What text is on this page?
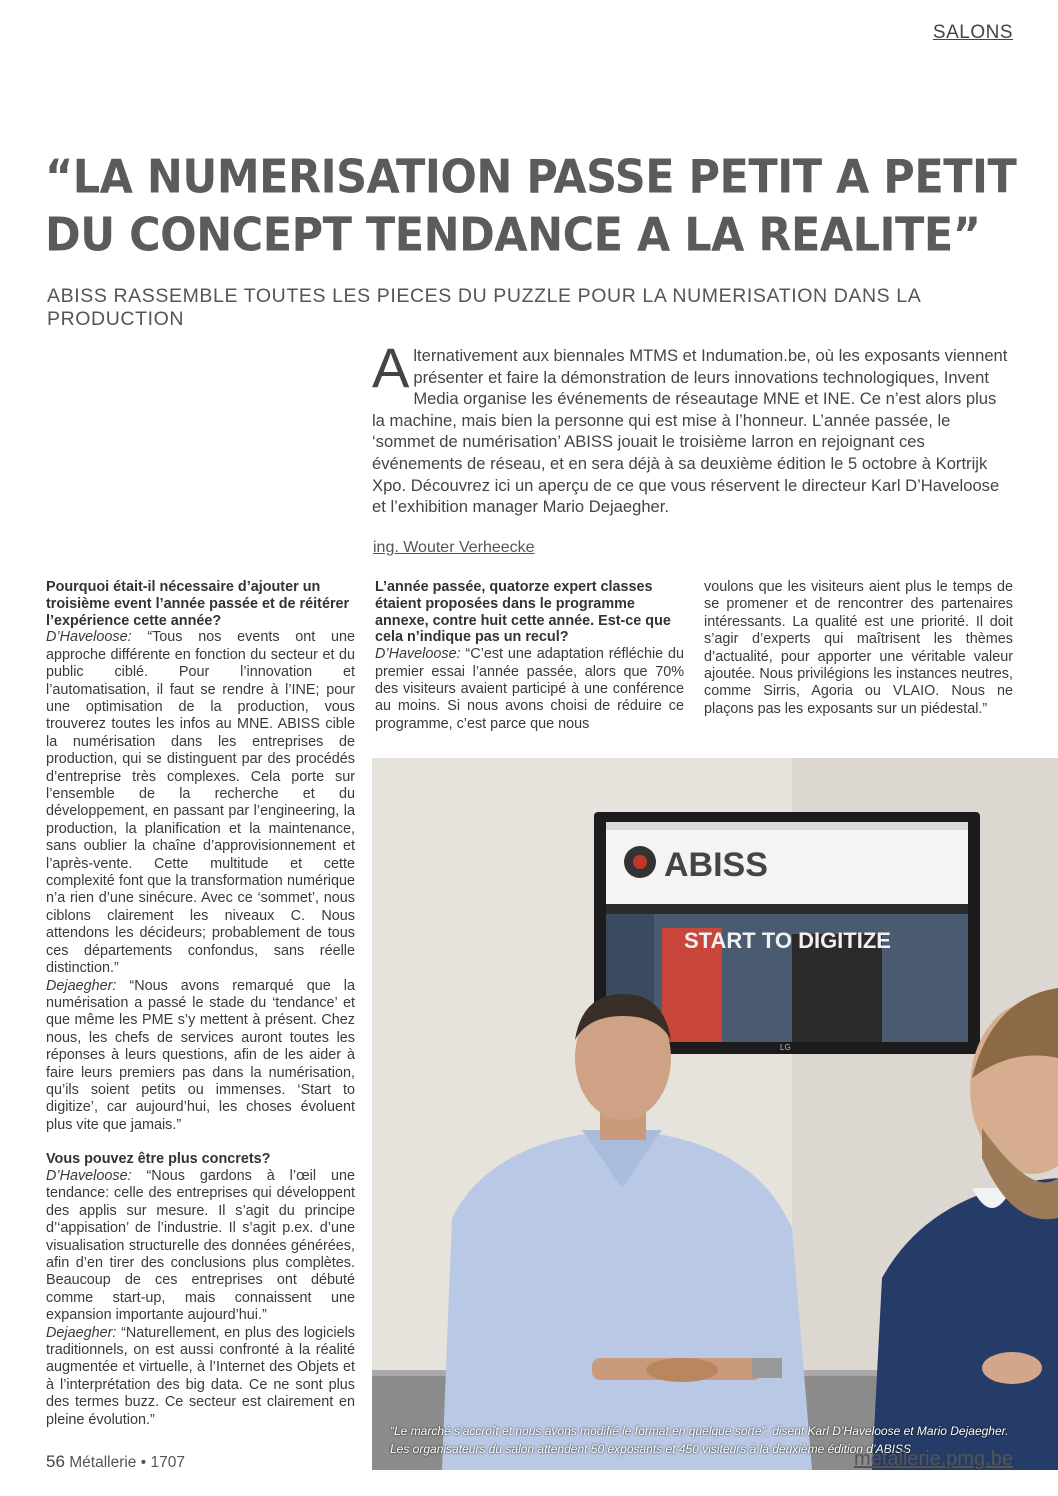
SALONS
“LA NUMERISATION PASSE PETIT A PETIT
DU CONCEPT TENDANCE A LA REALITE”
ABISS RASSEMBLE TOUTES LES PIECES DU PUZZLE POUR LA NUMERISATION DANS LA PRODUCTION
Alternativement aux biennales MTMS et Indumation.be, où les exposants viennent présenter et faire la démonstration de leurs innovations technologiques, Invent Media organise les événements de réseautage MNE et INE. Ce n’est alors plus la machine, mais bien la personne qui est mise à l’honneur. L’année passée, le ‘sommet de numérisation’ ABISS jouait le troisième larron en rejoignant ces événements de réseau, et en sera déjà à sa deuxième édition le 5 octobre à Kortrijk Xpo. Découvrez ici un aperçu de ce que vous réservent le directeur Karl D’Haveloose et l’exhibition manager Mario Dejaegher.
ing. Wouter Verheecke

Pourquoi était-il nécessaire d’ajouter un troisième event l’année passée et de réitérer l’expérience cette année?

D’Haveloose: “Tous nos events ont une approche différente en fonction du secteur et du public ciblé. Pour l’innovation et l’automatisation, il faut se rendre à l’INE; pour une optimisation de la production, vous trouverez toutes les infos au MNE. ABISS cible la numérisation dans les entreprises de production, qui se distinguent par des procédés d’entreprise très complexes. Cela porte sur l’ensemble de la recherche et du développement, en passant par l’engineering, la production, la planification et la maintenance, sans oublier la chaîne d’approvisionnement et l’après-vente. Cette multitude et cette complexité font que la transformation numérique n’a rien d’une sinécure. Avec ce ‘sommet’, nous ciblons clairement les niveaux C. Nous attendons les décideurs; probablement de tous ces départements confondus, sans réelle distinction.”

Dejaegher: “Nous avons remarqué que la numérisation a passé le stade du ‘tendance’ et que même les PME s’y mettent à présent. Chez nous, les chefs de services auront toutes les réponses à leurs questions, afin de les aider à faire leurs premiers pas dans la numérisation, qu’ils soient petits ou immenses. ‘Start to digitize’, car aujourd’hui, les choses évoluent plus vite que jamais.”

Vous pouvez être plus concrets?

D’Haveloose: “Nous gardons à l’œil une tendance: celle des entreprises qui développent des applis sur mesure. Il s’agit du principe d’‘appisation’ de l’industrie. Il s’agit p.ex. d’une visualisation structurelle des données générées, afin d’en tirer des conclusions plus complètes. Beaucoup de ces entreprises ont débuté comme start-up, mais connaissent une expansion importante aujourd’hui.”

Dejaegher: “Naturellement, en plus des logiciels traditionnels, on est aussi confronté à la réalité augmentée et virtuelle, à l’Internet des Objets et à l’interprétation des big data. Ce ne sont plus des termes buzz. Ce secteur est clairement en pleine évolution.”

L’année passée, quatorze expert classes étaient proposées dans le programme annexe, contre huit cette année. Est-ce que cela n’indique pas un recul?

D’Haveloose: “C’est une adaptation réfléchie du premier essai l’année passée, alors que 70% des visiteurs avaient participé à une conférence au moins. Si nous avons choisi de réduire ce programme, c’est parce que nous

voulons que les visiteurs aient plus le temps de se promener et de rencontrer des partenaires intéressants. La qualité est une priorité. Il doit s’agir d’experts qui maîtrisent les thèmes d’actualité, pour apporter une véritable valeur ajoutée. Nous privilégions les instances neutres, comme Sirris, Agoria ou VLAIO. Nous ne plaçons pas les exposants sur un piédestal.”

ABISS
START TO DIGITIZE
LG
“Le marché s’accroît et nous avons modifié le format en quelque sorte”, disent Karl D’Haveloose et Mario Dejaegher. Les organisateurs du salon attendent 50 exposants et 450 visiteurs à la deuxième édition d’ABISS
56 Métallerie • 1707	metallerie.pmg.be
